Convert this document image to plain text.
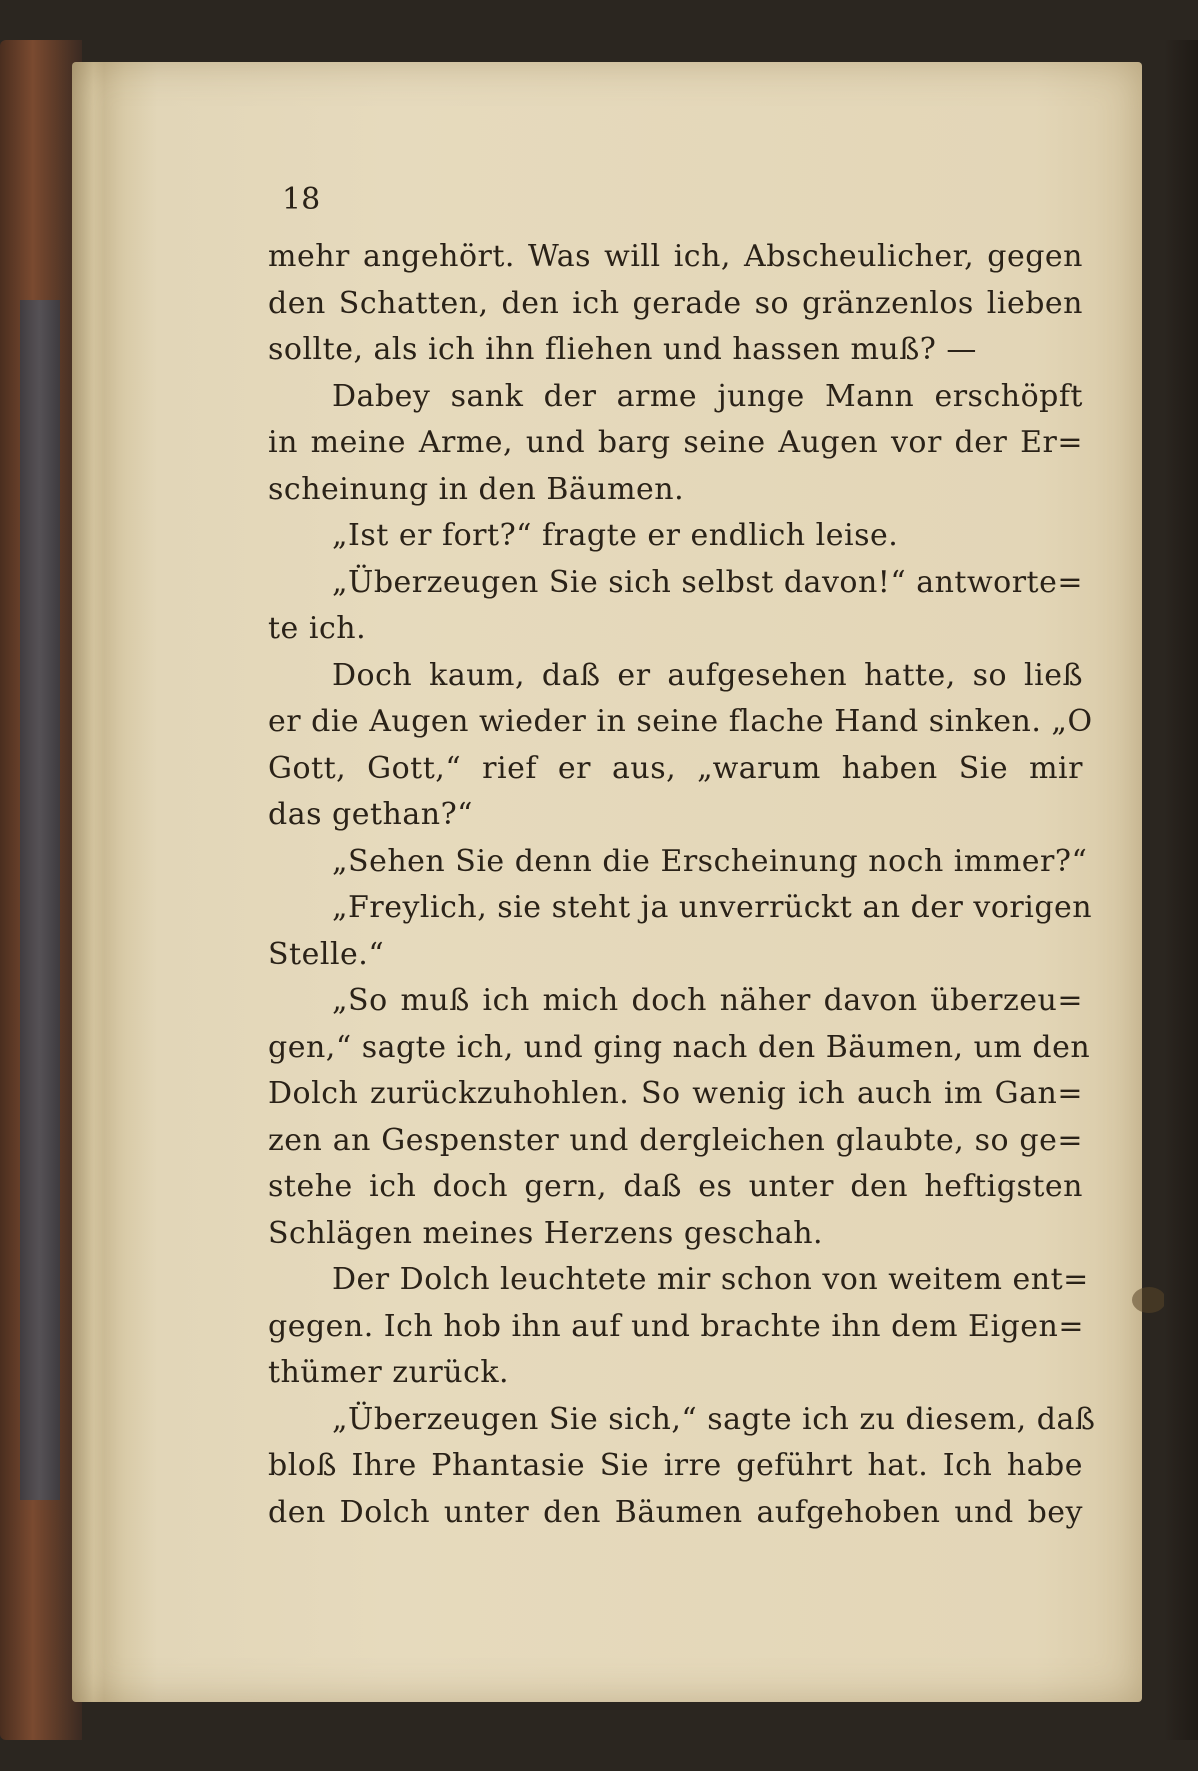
18
mehr angehört. Was will ich, Abscheulicher, gegen
den Schatten, den ich gerade so gränzenlos lieben
sollte, als ich ihn fliehen und hassen muß? —
Dabey sank der arme junge Mann erschöpft
in meine Arme, und barg seine Augen vor der Er=
scheinung in den Bäumen.
„Ist er fort?“ fragte er endlich leise.
„Überzeugen Sie sich selbst davon!“ antworte=
te ich.
Doch kaum, daß er aufgesehen hatte, so ließ
er die Augen wieder in seine flache Hand sinken. „O
Gott, Gott,“ rief er aus, „warum haben Sie mir
das gethan?“
„Sehen Sie denn die Erscheinung noch immer?“
„Freylich, sie steht ja unverrückt an der vorigen
Stelle.“
„So muß ich mich doch näher davon überzeu=
gen,“ sagte ich, und ging nach den Bäumen, um den
Dolch zurückzuhohlen. So wenig ich auch im Gan=
zen an Gespenster und dergleichen glaubte, so ge=
stehe ich doch gern, daß es unter den heftigsten
Schlägen meines Herzens geschah.
Der Dolch leuchtete mir schon von weitem ent=
gegen. Ich hob ihn auf und brachte ihn dem Eigen=
thümer zurück.
„Überzeugen Sie sich,“ sagte ich zu diesem, daß
bloß Ihre Phantasie Sie irre geführt hat. Ich habe
den Dolch unter den Bäumen aufgehoben und bey
